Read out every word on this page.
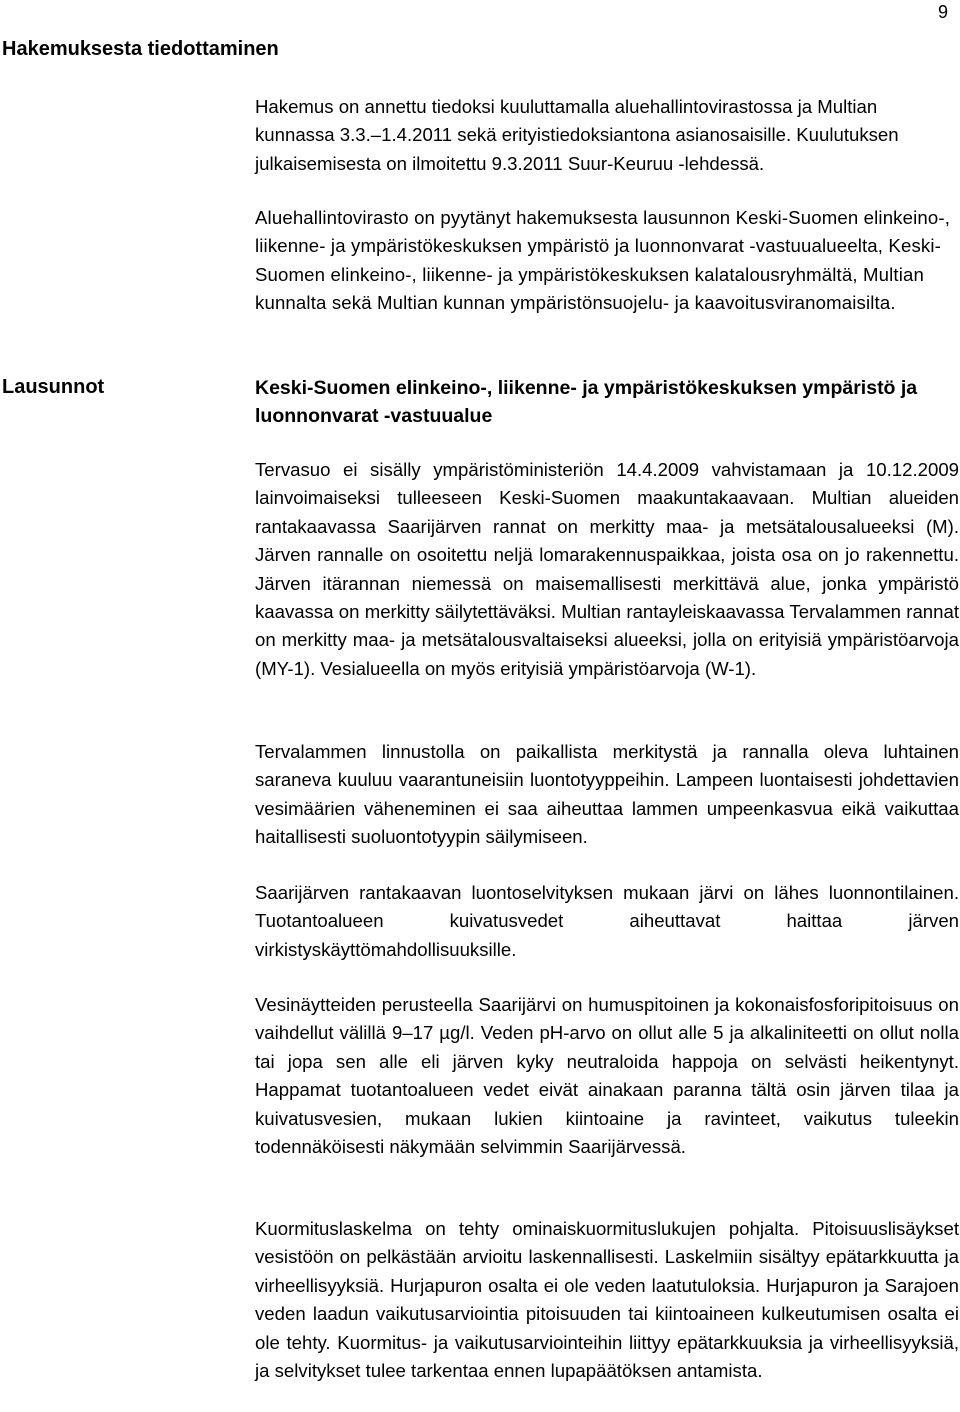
9
Hakemuksesta tiedottaminen
Lausunnot

Hakemus on annettu tiedoksi kuuluttamalla aluehallintovirastossa ja Multian kunnassa 3.3.–1.4.2011 sekä erityistiedoksiantona asianosaisille. Kuulutuksen julkaisemisesta on ilmoitettu 9.3.2011 Suur-Keuruu -lehdessä.

Aluehallintovirasto on pyytänyt hakemuksesta lausunnon Keski-Suomen elinkeino-, liikenne- ja ympäristökeskuksen ympäristö ja luonnonvarat -vastuualueelta, Keski-Suomen elinkeino-, liikenne- ja ympäristökeskuksen kalatalousryhmältä, Multian kunnalta sekä Multian kunnan ympäristönsuojelu- ja kaavoitusviranomaisilta.

Keski-Suomen elinkeino-, liikenne- ja ympäristökeskuksen ympäristö ja luonnonvarat -vastuualue

Tervasuo ei sisälly ympäristöministeriön 14.4.2009 vahvistamaan ja 10.12.2009 lainvoimaiseksi tulleeseen Keski-Suomen maakuntakaavaan. Multian alueiden rantakaavassa Saarijärven rannat on merkitty maa- ja metsätalousalueeksi (M). Järven rannalle on osoitettu neljä lomarakennuspaikkaa, joista osa on jo rakennettu. Järven itärannan niemessä on maisemallisesti merkittävä alue, jonka ympäristö kaavassa on merkitty säilytettäväksi. Multian rantayleiskaavassa Tervalammen rannat on merkitty maa- ja metsätalousvaltaiseksi alueeksi, jolla on erityisiä ympäristöarvoja (MY-1). Vesialueella on myös erityisiä ympäristöarvoja (W-1).

Tervalammen linnustolla on paikallista merkitystä ja rannalla oleva luhtainen saraneva kuuluu vaarantuneisiin luontotyyppeihin. Lampeen luontaisesti johdettavien vesimäärien väheneminen ei saa aiheuttaa lammen umpeenkasvua eikä vaikuttaa haitallisesti suoluontotyypin säilymiseen.

Saarijärven rantakaavan luontoselvityksen mukaan järvi on lähes luonnontilainen. Tuotantoalueen kuivatusvedet aiheuttavat haittaa järven virkistyskäyttömahdollisuuksille.

Vesinäytteiden perusteella Saarijärvi on humuspitoinen ja kokonaisfosforipitoisuus on vaihdellut välillä 9–17 µg/l. Veden pH-arvo on ollut alle 5 ja alkaliniteetti on ollut nolla tai jopa sen alle eli järven kyky neutraloida happoja on selvästi heikentynyt. Happamat tuotantoalueen vedet eivät ainakaan paranna tältä osin järven tilaa ja kuivatusvesien, mukaan lukien kiintoaine ja ravinteet, vaikutus tuleekin todennäköisesti näkymään selvimmin Saarijärvessä.

Kuormituslaskelma on tehty ominaiskuormituslukujen pohjalta. Pitoisuuslisäykset vesistöön on pelkästään arvioitu laskennallisesti. Laskelmiin sisältyy epätarkkuutta ja virheellisyyksiä. Hurjapuron osalta ei ole veden laatutuloksia. Hurjapuron ja Sarajoen veden laadun vaikutusarviointia pitoisuuden tai kiintoaineen kulkeutumisen osalta ei ole tehty. Kuormitus- ja vaikutusarviointeihin liittyy epätarkkuuksia ja virheellisyyksiä, ja selvitykset tulee tarkentaa ennen lupapäätöksen antamista.
